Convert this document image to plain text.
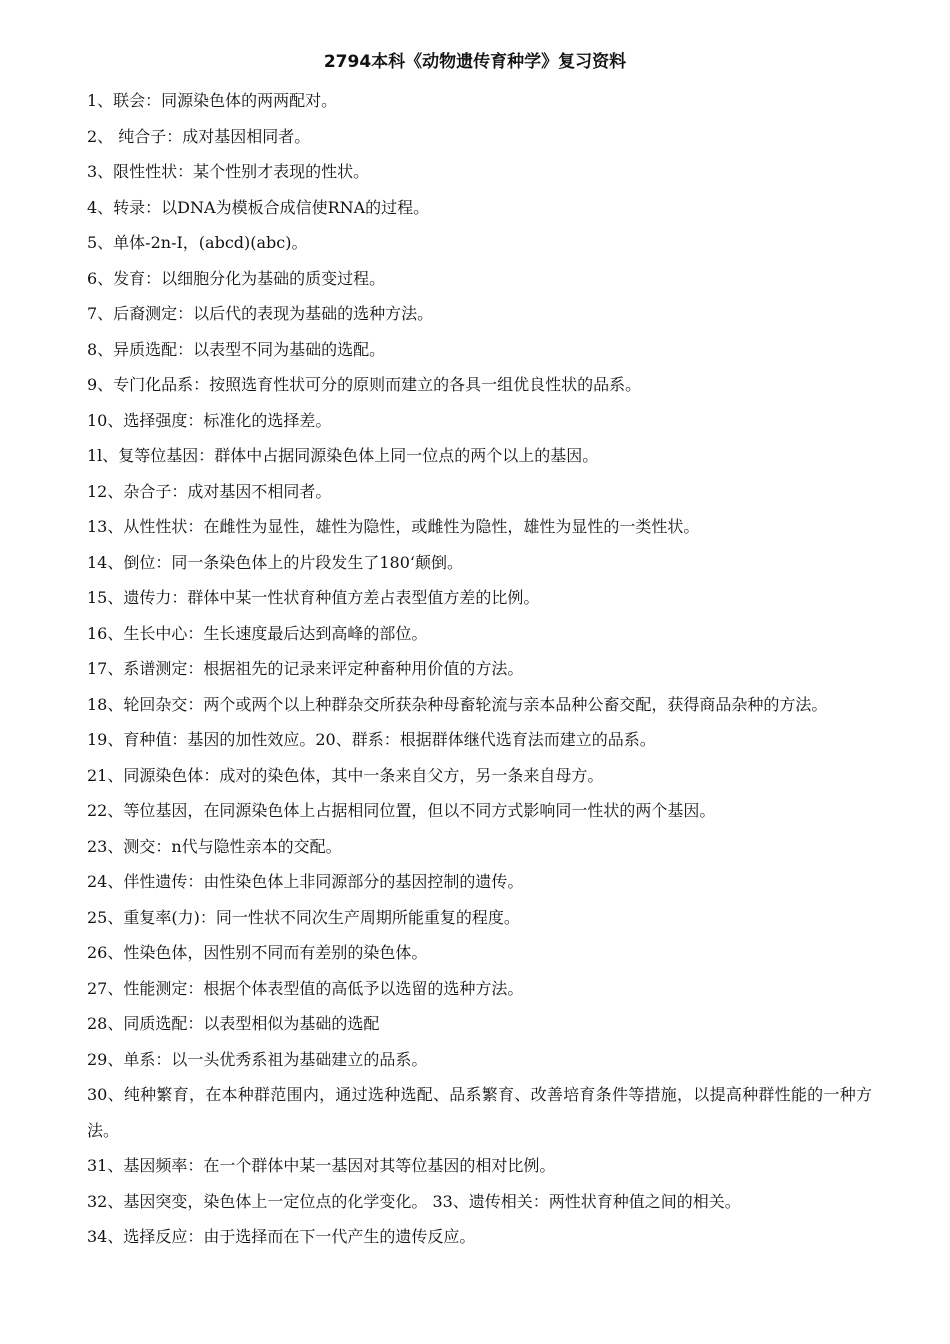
2794本科《动物遗传育种学》复习资料

1、联会：同源染色体的两两配对。

2、 纯合子：成对基因相同者。

3、限性性状：某个性别才表现的性状。

4、转录：以DNA为模板合成信使RNA的过程。

5、单体-2n-I，(abcd)(abc)。

6、发育：以细胞分化为基础的质变过程。

7、后裔测定：以后代的表现为基础的选种方法。

8、异质选配：以表型不同为基础的选配。

9、专门化品系：按照选育性状可分的原则而建立的各具一组优良性状的品系。

10、选择强度：标准化的选择差。

1l、复等位基因：群体中占据同源染色体上同一位点的两个以上的基因。

12、杂合子：成对基因不相同者。

13、从性性状：在雌性为显性，雄性为隐性，或雌性为隐性，雄性为显性的一类性状。

14、倒位：同一条染色体上的片段发生了180‘颠倒。

15、遗传力：群体中某一性状育种值方差占表型值方差的比例。

16、生长中心：生长速度最后达到高峰的部位。

17、系谱测定：根据祖先的记录来评定种畜种用价值的方法。

18、轮回杂交：两个或两个以上种群杂交所获杂种母畜轮流与亲本品种公畜交配，获得商品杂种的方法。

19、育种值：基因的加性效应。20、群系：根据群体继代选育法而建立的品系。

21、同源染色体：成对的染色体，其中一条来自父方，另一条来自母方。

22、等位基因，在同源染色体上占据相同位置，但以不同方式影响同一性状的两个基因。

23、测交：n代与隐性亲本的交配。

24、伴性遗传：由性染色体上非同源部分的基因控制的遗传。

25、重复率(力)：同一性状不同次生产周期所能重复的程度。

26、性染色体，因性别不同而有差别的染色体。

27、性能测定：根据个体表型值的高低予以选留的选种方法。

28、同质选配：以表型相似为基础的选配

29、单系：以一头优秀系祖为基础建立的品系。

30、纯种繁育，在本种群范围内，通过选种选配、品系繁育、改善培育条件等措施，以提高种群性能的一种方法。

31、基因频率：在一个群体中某一基因对其等位基因的相对比例。

32、基因突变，染色体上一定位点的化学变化。 33、遗传相关：两性状育种值之间的相关。

34、选择反应：由于选择而在下一代产生的遗传反应。
